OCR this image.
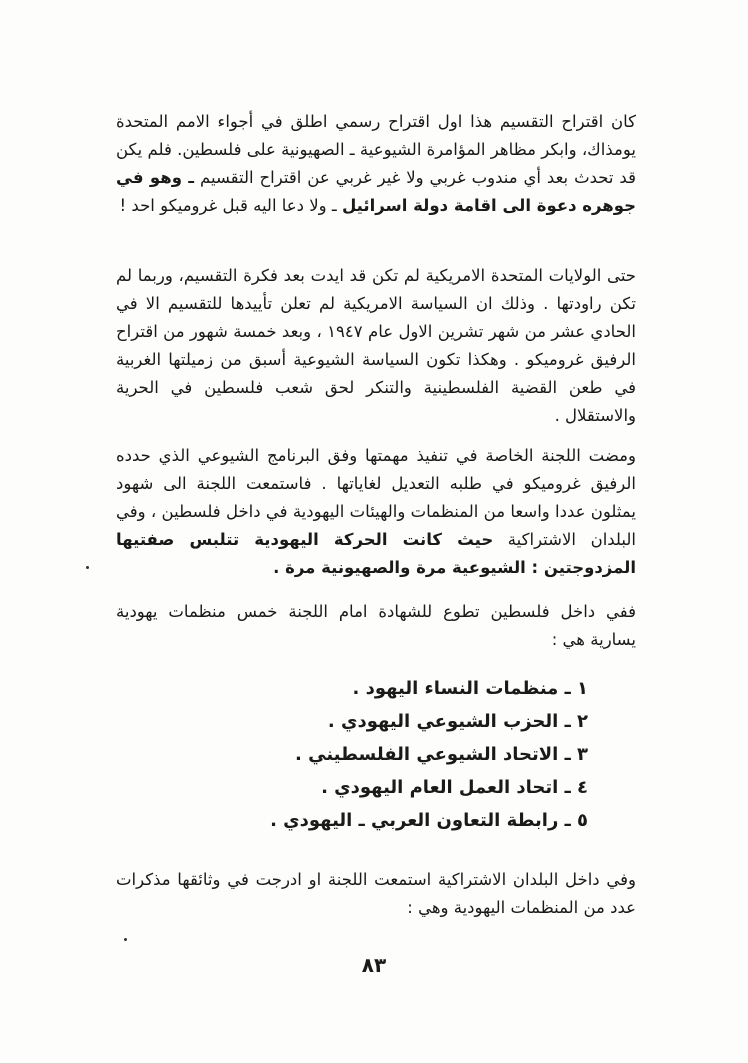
كان اقتراح التقسيم هذا اول اقتراح رسمي اطلق في أجواء الامم المتحدة يومذاك، وابكر مظاهر المؤامرة الشيوعية ـ الصهيونية على فلسطين. فلم يكن قد تحدث بعد أي مندوب غربي ولا غير غربي عن اقتراح التقسيم ـ وهو في جوهره دعوة الى اقامة دولة اسرائيل ـ ولا دعا اليه قبل غروميكو احد !

حتى الولايات المتحدة الامريكية لم تكن قد ايدت بعد فكرة التقسيم، وربما لم تكن راودتها . وذلك ان السياسة الامريكية لم تعلن تأييدها للتقسيم الا في الحادي عشر من شهر تشرين الاول عام ١٩٤٧ ، وبعد خمسة شهور من اقتراح الرفيق غروميكو . وهكذا تكون السياسة الشيوعية أسبق من زميلتها الغربية في طعن القضية الفلسطينية والتنكر لحق شعب فلسطين في الحرية والاستقلال .

ومضت اللجنة الخاصة في تنفيذ مهمتها وفق البرنامج الشيوعي الذي حدده الرفيق غروميكو في طلبه التعديل لغاياتها . فاستمعت اللجنة الى شهود يمثلون عددا واسعا من المنظمات والهيئات اليهودية في داخل فلسطين ، وفي البلدان الاشتراكية حيث كانت الحركة اليهودية تتلبس صفتيها المزدوجتين : الشيوعية مرة والصهيونية مرة .

ففي داخل فلسطين تطوع للشهادة امام اللجنة خمس منظمات يهودية يسارية هي :

١ ـ منظمات النساء اليهود .
٢ ـ الحزب الشيوعي اليهودي .
٣ ـ الاتحاد الشيوعي الفلسطيني .
٤ ـ اتحاد العمل العام اليهودي .
٥ ـ رابطة التعاون العربي ـ اليهودي .

وفي داخل البلدان الاشتراكية استمعت اللجنة او ادرجت في وثائقها مذكرات عدد من المنظمات اليهودية وهي :

٨٣
